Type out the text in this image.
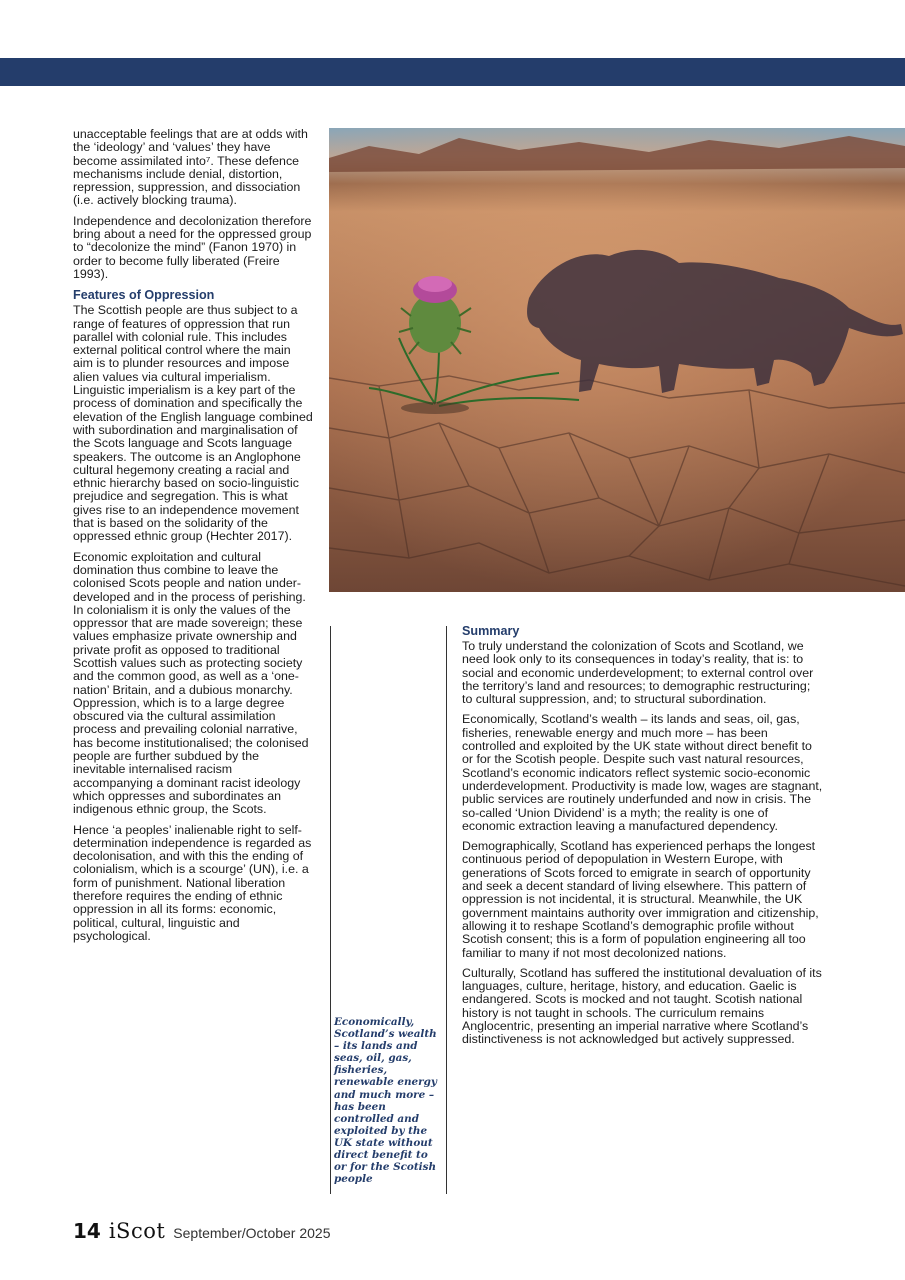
unacceptable feelings that are at odds with the ‘ideology’ and ‘values’ they have become assimilated into⁷. These defence mechanisms include denial, distortion, repression, suppression, and dissociation (i.e. actively blocking trauma).

Independence and decolonization therefore bring about a need for the oppressed group to “decolonize the mind” (Fanon 1970) in order to become fully liberated (Freire 1993).

Features of Oppression

The Scottish people are thus subject to a range of features of oppression that run parallel with colonial rule. This includes external political control where the main aim is to plunder resources and impose alien values via cultural imperialism. Linguistic imperialism is a key part of the process of domination and specifically the elevation of the English language combined with subordination and marginalisation of the Scots language and Scots language speakers. The outcome is an Anglophone cultural hegemony creating a racial and ethnic hierarchy based on socio-linguistic prejudice and segregation. This is what gives rise to an independence movement that is based on the solidarity of the oppressed ethnic group (Hechter 2017).

Economic exploitation and cultural domination thus combine to leave the colonised Scots people and nation under-developed and in the process of perishing. In colonialism it is only the values of the oppressor that are made sovereign; these values emphasize private ownership and private profit as opposed to traditional Scottish values such as protecting society and the common good, as well as a ‘one-nation’ Britain, and a dubious monarchy. Oppression, which is to a large degree obscured via the cultural assimilation process and prevailing colonial narrative, has become institutionalised; the colonised people are further subdued by the inevitable internalised racism accompanying a dominant racist ideology which oppresses and subordinates an indigenous ethnic group, the Scots.

Hence ‘a peoples’ inalienable right to self-determination independence is regarded as decolonisation, and with this the ending of colonialism, which is a scourge’ (UN), i.e. a form of punishment. National liberation therefore requires the ending of ethnic oppression in all its forms: economic, political, cultural, linguistic and psychological.

Economically, Scotland’s wealth – its lands and seas, oil, gas, fisheries, renewable energy and much more – has been controlled and exploited by the UK state without direct benefit to or for the Scotish people
Summary

To truly understand the colonization of Scots and Scotland, we need look only to its consequences in today’s reality, that is: to social and economic underdevelopment; to external control over the territory’s land and resources; to demographic restructuring; to cultural suppression, and; to structural subordination.

Economically, Scotland’s wealth – its lands and seas, oil, gas, fisheries, renewable energy and much more – has been controlled and exploited by the UK state without direct benefit to or for the Scotish people. Despite such vast natural resources, Scotland’s economic indicators reflect systemic socio-economic underdevelopment. Productivity is made low, wages are stagnant, public services are routinely underfunded and now in crisis. The so-called ‘Union Dividend’ is a myth; the reality is one of economic extraction leaving a manufactured dependency.

Demographically, Scotland has experienced perhaps the longest continuous period of depopulation in Western Europe, with generations of Scots forced to emigrate in search of opportunity and seek a decent standard of living elsewhere. This pattern of oppression is not incidental, it is structural. Meanwhile, the UK government maintains authority over immigration and citizenship, allowing it to reshape Scotland’s demographic profile without Scotish consent; this is a form of population engineering all too familiar to many if not most decolonized nations.

Culturally, Scotland has suffered the institutional devaluation of its languages, culture, heritage, history, and education. Gaelic is endangered. Scots is mocked and not taught. Scotish national history is not taught in schools. The curriculum remains Anglocentric, presenting an imperial narrative where Scotland’s distinctiveness is not acknowledged but actively suppressed.

14 iScot September/October 2025
